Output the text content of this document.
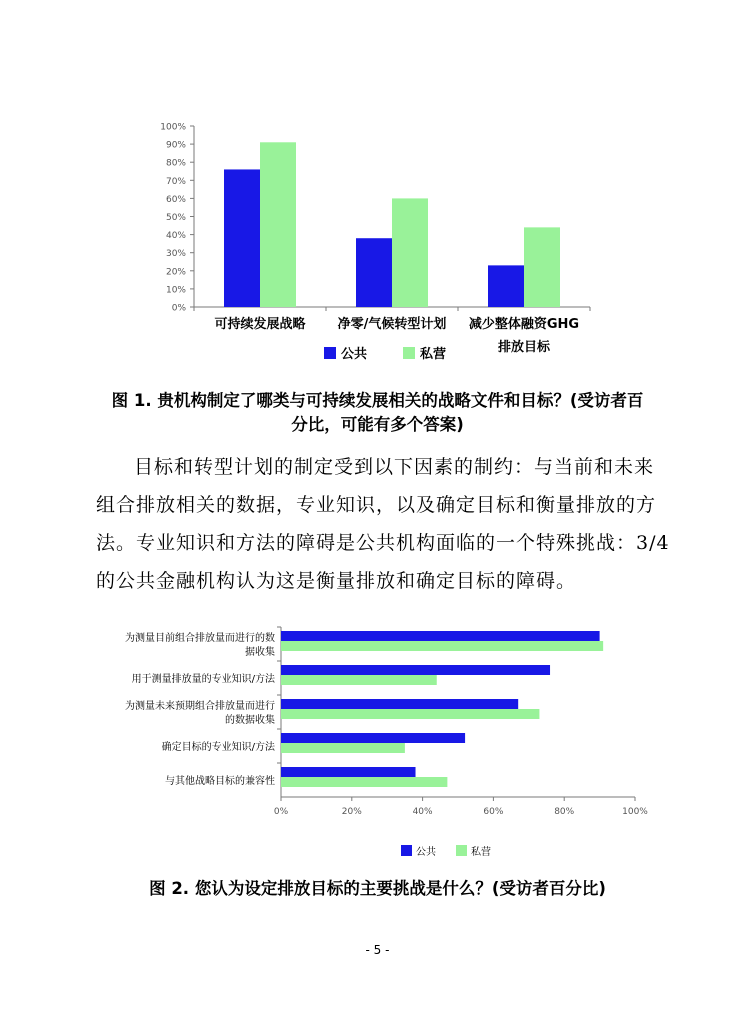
0%
10%
20%
30%
40%
50%
60%
70%
80%
90%
100%
可持续发展战略 净零/气候转型计划 减少整体融资GHG
排放目标
公共	私营
0%	20%	40%	60%	80%	100%
为测量目前组合排放量而进行的数
据收集
用于测量排放量的专业知识/方法
为测量未来预期组合排放量而进行
的数据收集
确定目标的专业知识/方法
与其他战略目标的兼容性
公共	私营
图 1. 贵机构制定了哪类与可持续发展相关的战略文件和目标？(受访者百
分比，可能有多个答案)
目标和转型计划的制定受到以下因素的制约：与当前和未来
组合排放相关的数据，专业知识，以及确定目标和衡量排放的方
法。专业知识和方法的障碍是公共机构面临的一个特殊挑战：3/4
的公共金融机构认为这是衡量排放和确定目标的障碍。
图 2. 您认为设定排放目标的主要挑战是什么？(受访者百分比)
- 5 -
